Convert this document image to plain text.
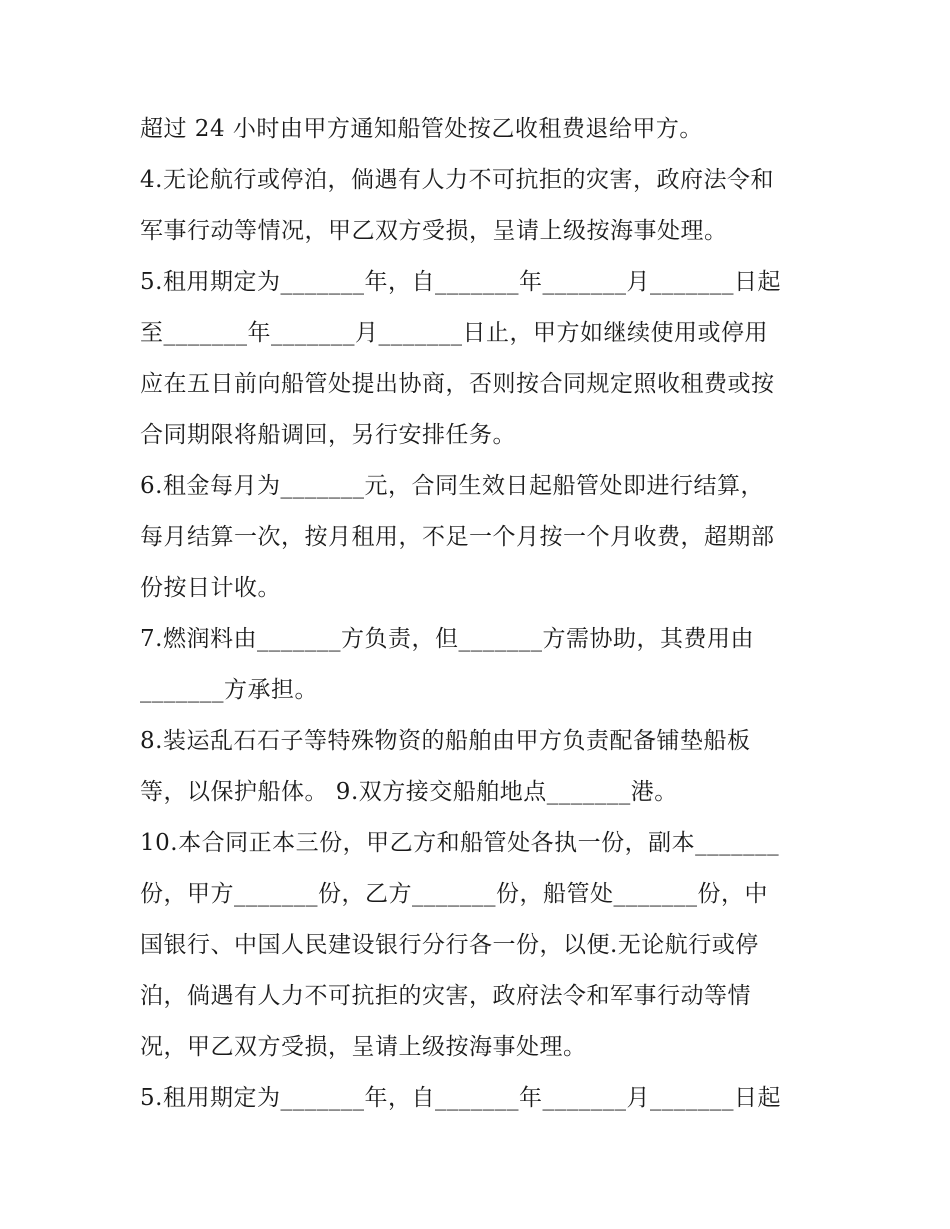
超过 24 小时由甲方通知船管处按乙收租费退给甲方。
4.无论航行或停泊，倘遇有人力不可抗拒的灾害，政府法令和
军事行动等情况，甲乙双方受损，呈请上级按海事处理。
5.租用期定为_______年，自_______年_______月_______日起
至_______年_______月_______日止，甲方如继续使用或停用
应在五日前向船管处提出协商，否则按合同规定照收租费或按
合同期限将船调回，另行安排任务。
6.租金每月为_______元，合同生效日起船管处即进行结算，
每月结算一次，按月租用，不足一个月按一个月收费，超期部
份按日计收。
7.燃润料由_______方负责，但_______方需协助，其费用由
_______方承担。
8.装运乱石石子等特殊物资的船舶由甲方负责配备铺垫船板
等，以保护船体。 9.双方接交船舶地点_______港。
10.本合同正本三份，甲乙方和船管处各执一份，副本_______
份，甲方_______份，乙方_______份，船管处_______份，中
国银行、中国人民建设银行分行各一份，以便.无论航行或停
泊，倘遇有人力不可抗拒的灾害，政府法令和军事行动等情
况，甲乙双方受损，呈请上级按海事处理。
5.租用期定为_______年，自_______年_______月_______日起
